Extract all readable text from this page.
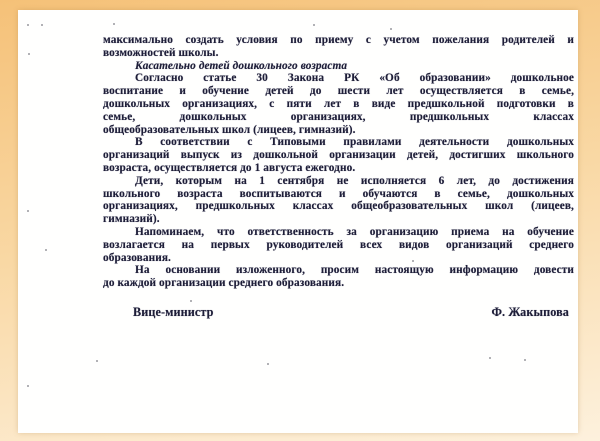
максимально создать условия по приему с учетом пожелания родителей и
возможностей школы.
Касательно детей дошкольного возраста
Согласно статье 30 Закона РК «Об образовании» дошкольное
воспитание и обучение детей до шести лет осуществляется в семье,
дошкольных организациях, с пяти лет в виде предшкольной подготовки в
семье, дошкольных организациях, предшкольных классах
общеобразовательных школ (лицеев, гимназий).
В соответствии с Типовыми правилами деятельности дошкольных
организаций выпуск из дошкольной организации детей, достигших школьного
возраста, осуществляется до 1 августа ежегодно.
Дети, которым на 1 сентября не исполняется 6 лет, до достижения
школьного возраста воспитываются и обучаются в семье, дошкольных
организациях, предшкольных классах общеобразовательных школ (лицеев,
гимназий).
Напоминаем, что ответственность за организацию приема на обучение
возлагается на первых руководителей всех видов организаций среднего
образования.
На основании изложенного, просим настоящую информацию довести
до каждой организации среднего образования.
Вице-министр	Ф. Жакыпова
